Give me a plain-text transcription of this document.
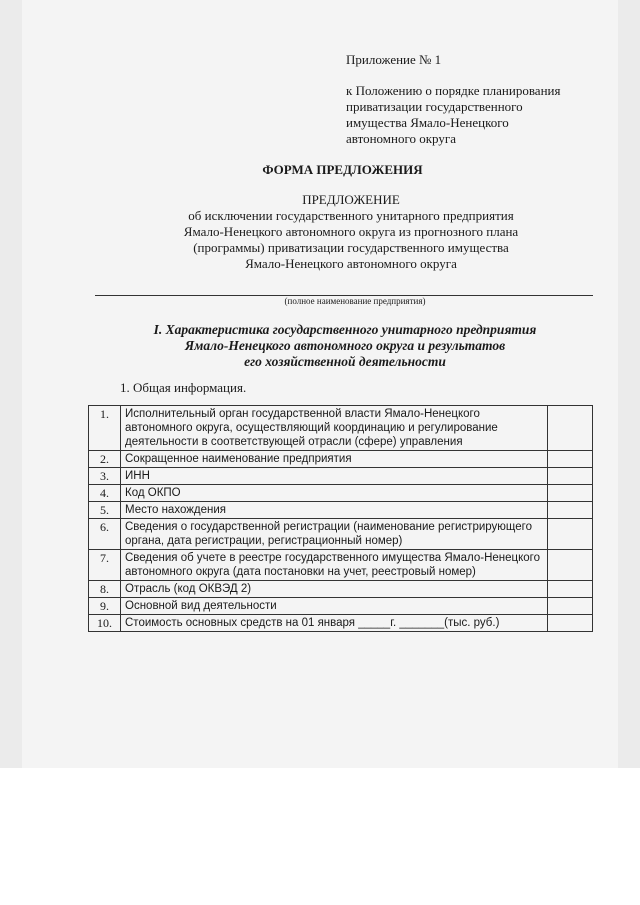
Приложение № 1
к Положению о порядке планирования
приватизации государственного
имущества Ямало-Ненецкого
автономного округа
ФОРМА ПРЕДЛОЖЕНИЯ
ПРЕДЛОЖЕНИЕ
об исключении государственного унитарного предприятия
Ямало-Ненецкого автономного округа из прогнозного плана
(программы) приватизации государственного имущества
Ямало-Ненецкого автономного округа
(полное наименование предприятия)
I. Характеристика государственного унитарного предприятия
Ямало-Ненецкого автономного округа и результатов
его хозяйственной деятельности
1. Общая информация.
1.	Исполнительный орган государственной власти Ямало-Ненецкого автономного округа, осуществляющий координацию и регулирование деятельности в соответствующей отрасли (сфере) управления	
2.	Сокращенное наименование предприятия	
3.	ИНН	
4.	Код ОКПО	
5.	Место нахождения	
6.	Сведения о государственной регистрации (наименование регистрирующего органа, дата регистрации, регистрационный номер)	
7.	Сведения об учете в реестре государственного имущества Ямало-Ненецкого автономного округа (дата постановки на учет, реестровый номер)	
8.	Отрасль (код ОКВЭД 2)	
9.	Основной вид деятельности	
10.	Стоимость основных средств на 01 января _____г. _______(тыс. руб.)	
